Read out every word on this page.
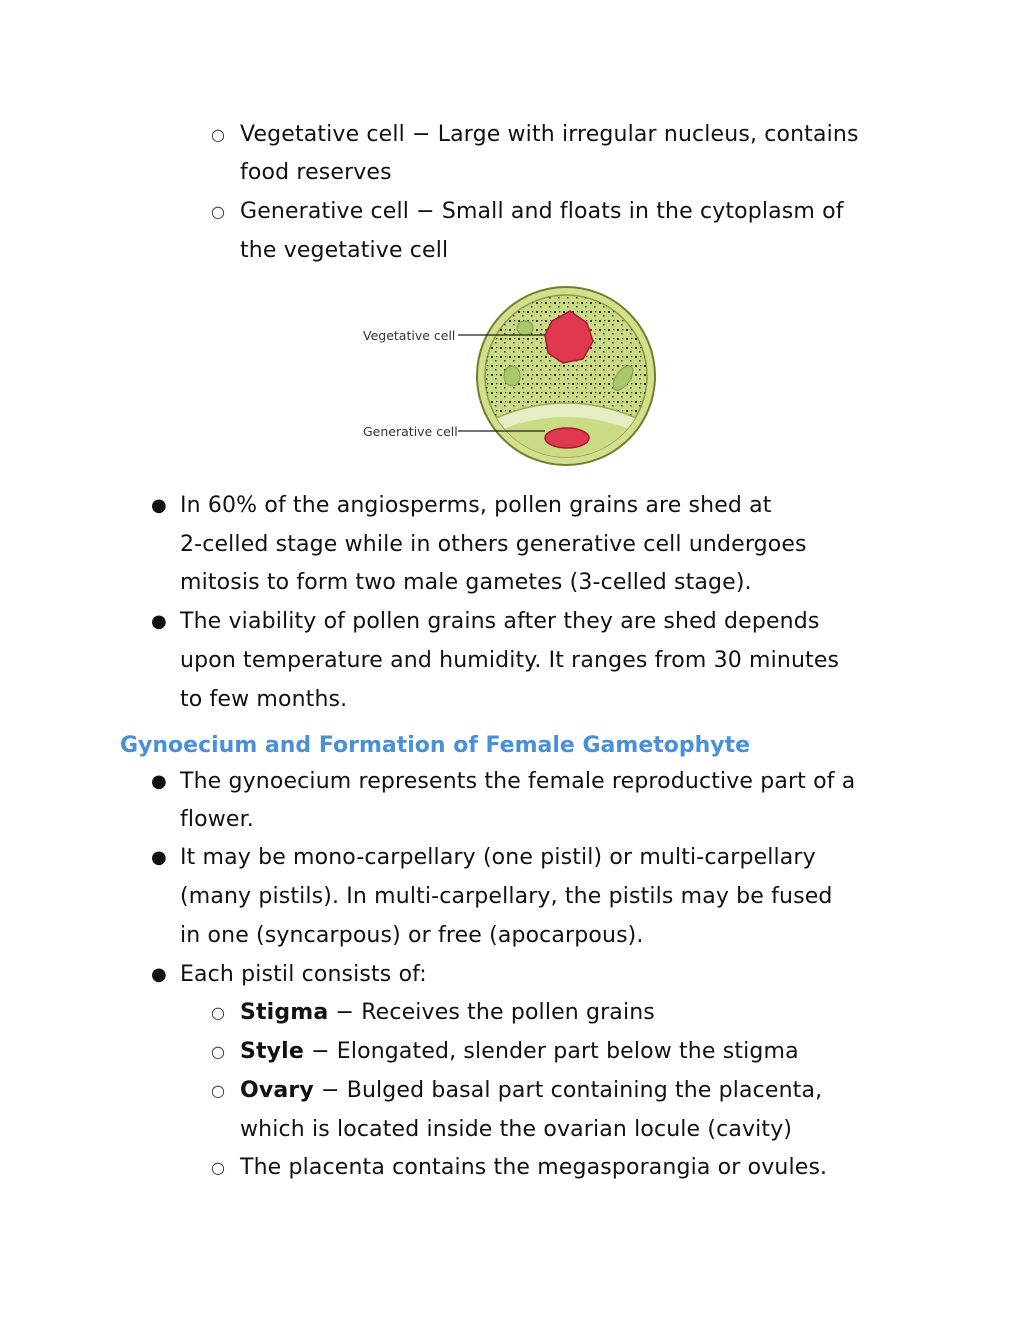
○ Vegetative cell − Large with irregular nucleus, contains
food reserves
○ Generative cell − Small and floats in the cytoplasm of
the vegetative cell
Vegetative cell
Generative cell
● In 60% of the angiosperms, pollen grains are shed at
2-celled stage while in others generative cell undergoes
mitosis to form two male gametes (3-celled stage).
● The viability of pollen grains after they are shed depends
upon temperature and humidity. It ranges from 30 minutes
to few months.
Gynoecium and Formation of Female Gametophyte
● The gynoecium represents the female reproductive part of a
flower.
● It may be mono-carpellary (one pistil) or multi-carpellary
(many pistils). In multi-carpellary, the pistils may be fused
in one (syncarpous) or free (apocarpous).
● Each pistil consists of:
○ Stigma − Receives the pollen grains
○ Style − Elongated, slender part below the stigma
○ Ovary − Bulged basal part containing the placenta,
which is located inside the ovarian locule (cavity)
○ The placenta contains the megasporangia or ovules.
